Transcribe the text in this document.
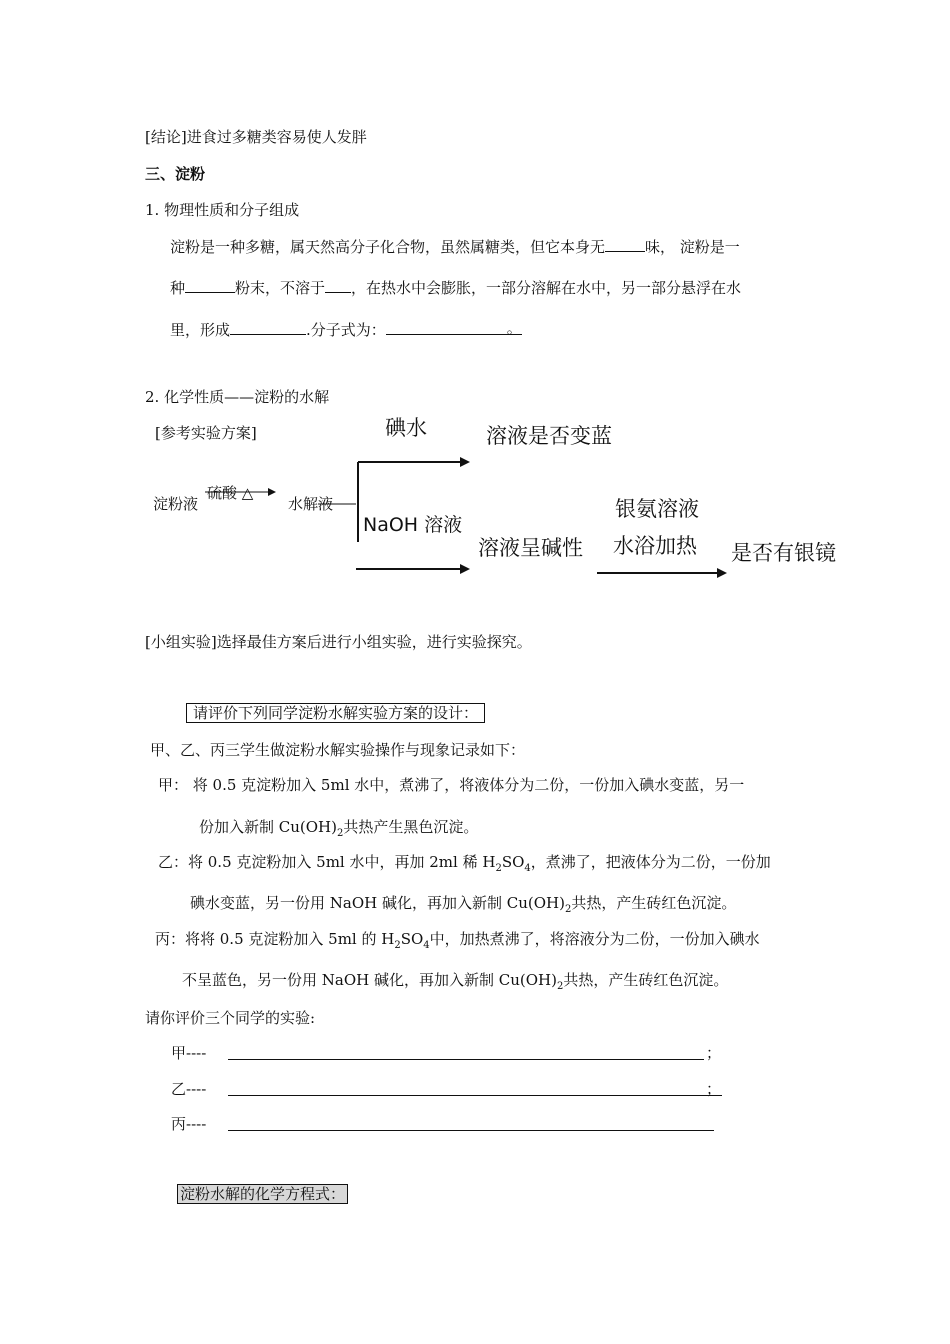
[结论]进食过多糖类容易使人发胖
三、淀粉
1. 物理性质和分子组成
淀粉是一种多糖，属天然高分子化合物，虽然属糖类，但它本身无	味， 淀粉是一
种	粉末，不溶于 ，在热水中会膨胀，一部分溶解在水中，另一部分悬浮在水
里，形成	.分子式为：	。
2. 化学性质——淀粉的水解
[参考实验方案]
淀粉液
硫酸 △
水解液
碘水	溶液是否变蓝
NaOH 溶液
溶液呈碱性
银氨溶液
水浴加热 是否有银镜
[小组实验]选择最佳方案后进行小组实验，进行实验探究。
请评价下列同学淀粉水解实验方案的设计：
甲、乙、丙三学生做淀粉水解实验操作与现象记录如下：
甲： 将 0.5 克淀粉加入 5ml 水中，煮沸了，将液体分为二份，一份加入碘水变蓝，另一
份加入新制 $Cu(OH)_2$共热产生黑色沉淀。
乙：将 0.5 克淀粉加入 5ml 水中，再加 2ml 稀 $H_2SO_4$，煮沸了，把液体分为二份，一份加
碘水变蓝，另一份用 NaOH 碱化，再加入新制 $Cu(OH)_2$共热，产生砖红色沉淀。
丙：将将 0.5 克淀粉加入 5ml 的 $H_2SO_4$中，加热煮沸了，将溶液分为二份，一份加入碘水
不呈蓝色，另一份用 NaOH 碱化，再加入新制 $Cu(OH)_2$共热，产生砖红色沉淀。
请你评价三个同学的实验:
甲----	；
乙----	；
丙----
淀粉水解的化学方程式：
